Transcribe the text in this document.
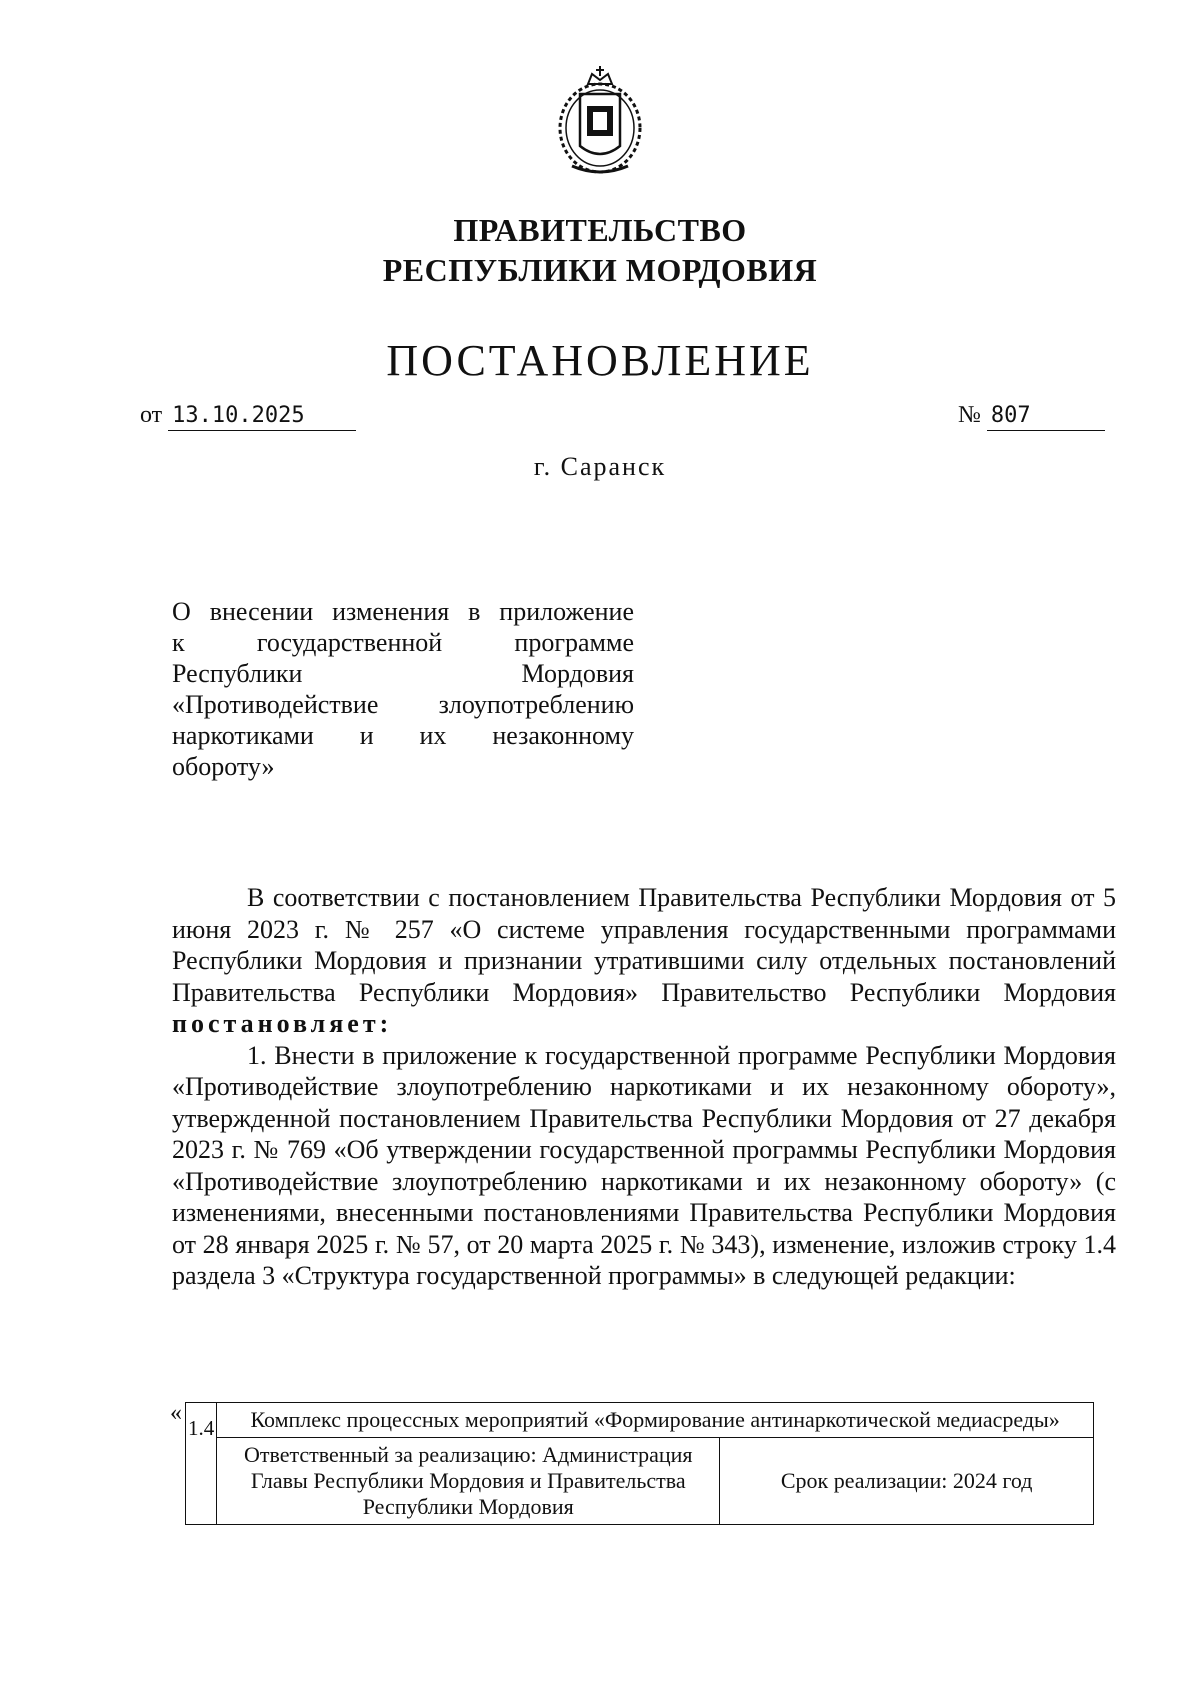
ПРАВИТЕЛЬСТВО
РЕСПУБЛИКИ МОРДОВИЯ
ПОСТАНОВЛЕНИЕ
от 13.10.2025	№ 807
г. Саранск
О внесении изменения в приложение
к государственной программе
Республики Мордовия
«Противодействие злоупотреблению
наркотиками и их незаконному
обороту»

В соответствии с постановлением Правительства Республики Мордовия от 5 июня 2023 г. № 257 «О системе управления государственными программами Республики Мордовия и признании утратившими силу отдельных постановлений Правительства Республики Мордовия» Правительство Республики Мордовия постановляет:

1. Внести в приложение к государственной программе Республики Мордовия «Противодействие злоупотреблению наркотиками и их незаконному обороту», утвержденной постановлением Правительства Республики Мордовия от 27 декабря 2023 г. № 769 «Об утверждении государственной программы Республики Мордовия «Противодействие злоупотреблению наркотиками и их незаконному обороту» (с изменениями, внесенными постановлениями Правительства Республики Мордовия от 28 января 2025 г. № 57, от 20 марта 2025 г. № 343), изменение, изложив строку 1.4 раздела 3 «Структура государственной программы» в следующей редакции:

«
1.4	Комплекс процессных мероприятий «Формирование антинаркотической медиасреды»	
	Ответственный за реализацию: Администрация Главы Республики Мордовия и Правительства Республики Мордовия	Срок реализации: 2024 год
